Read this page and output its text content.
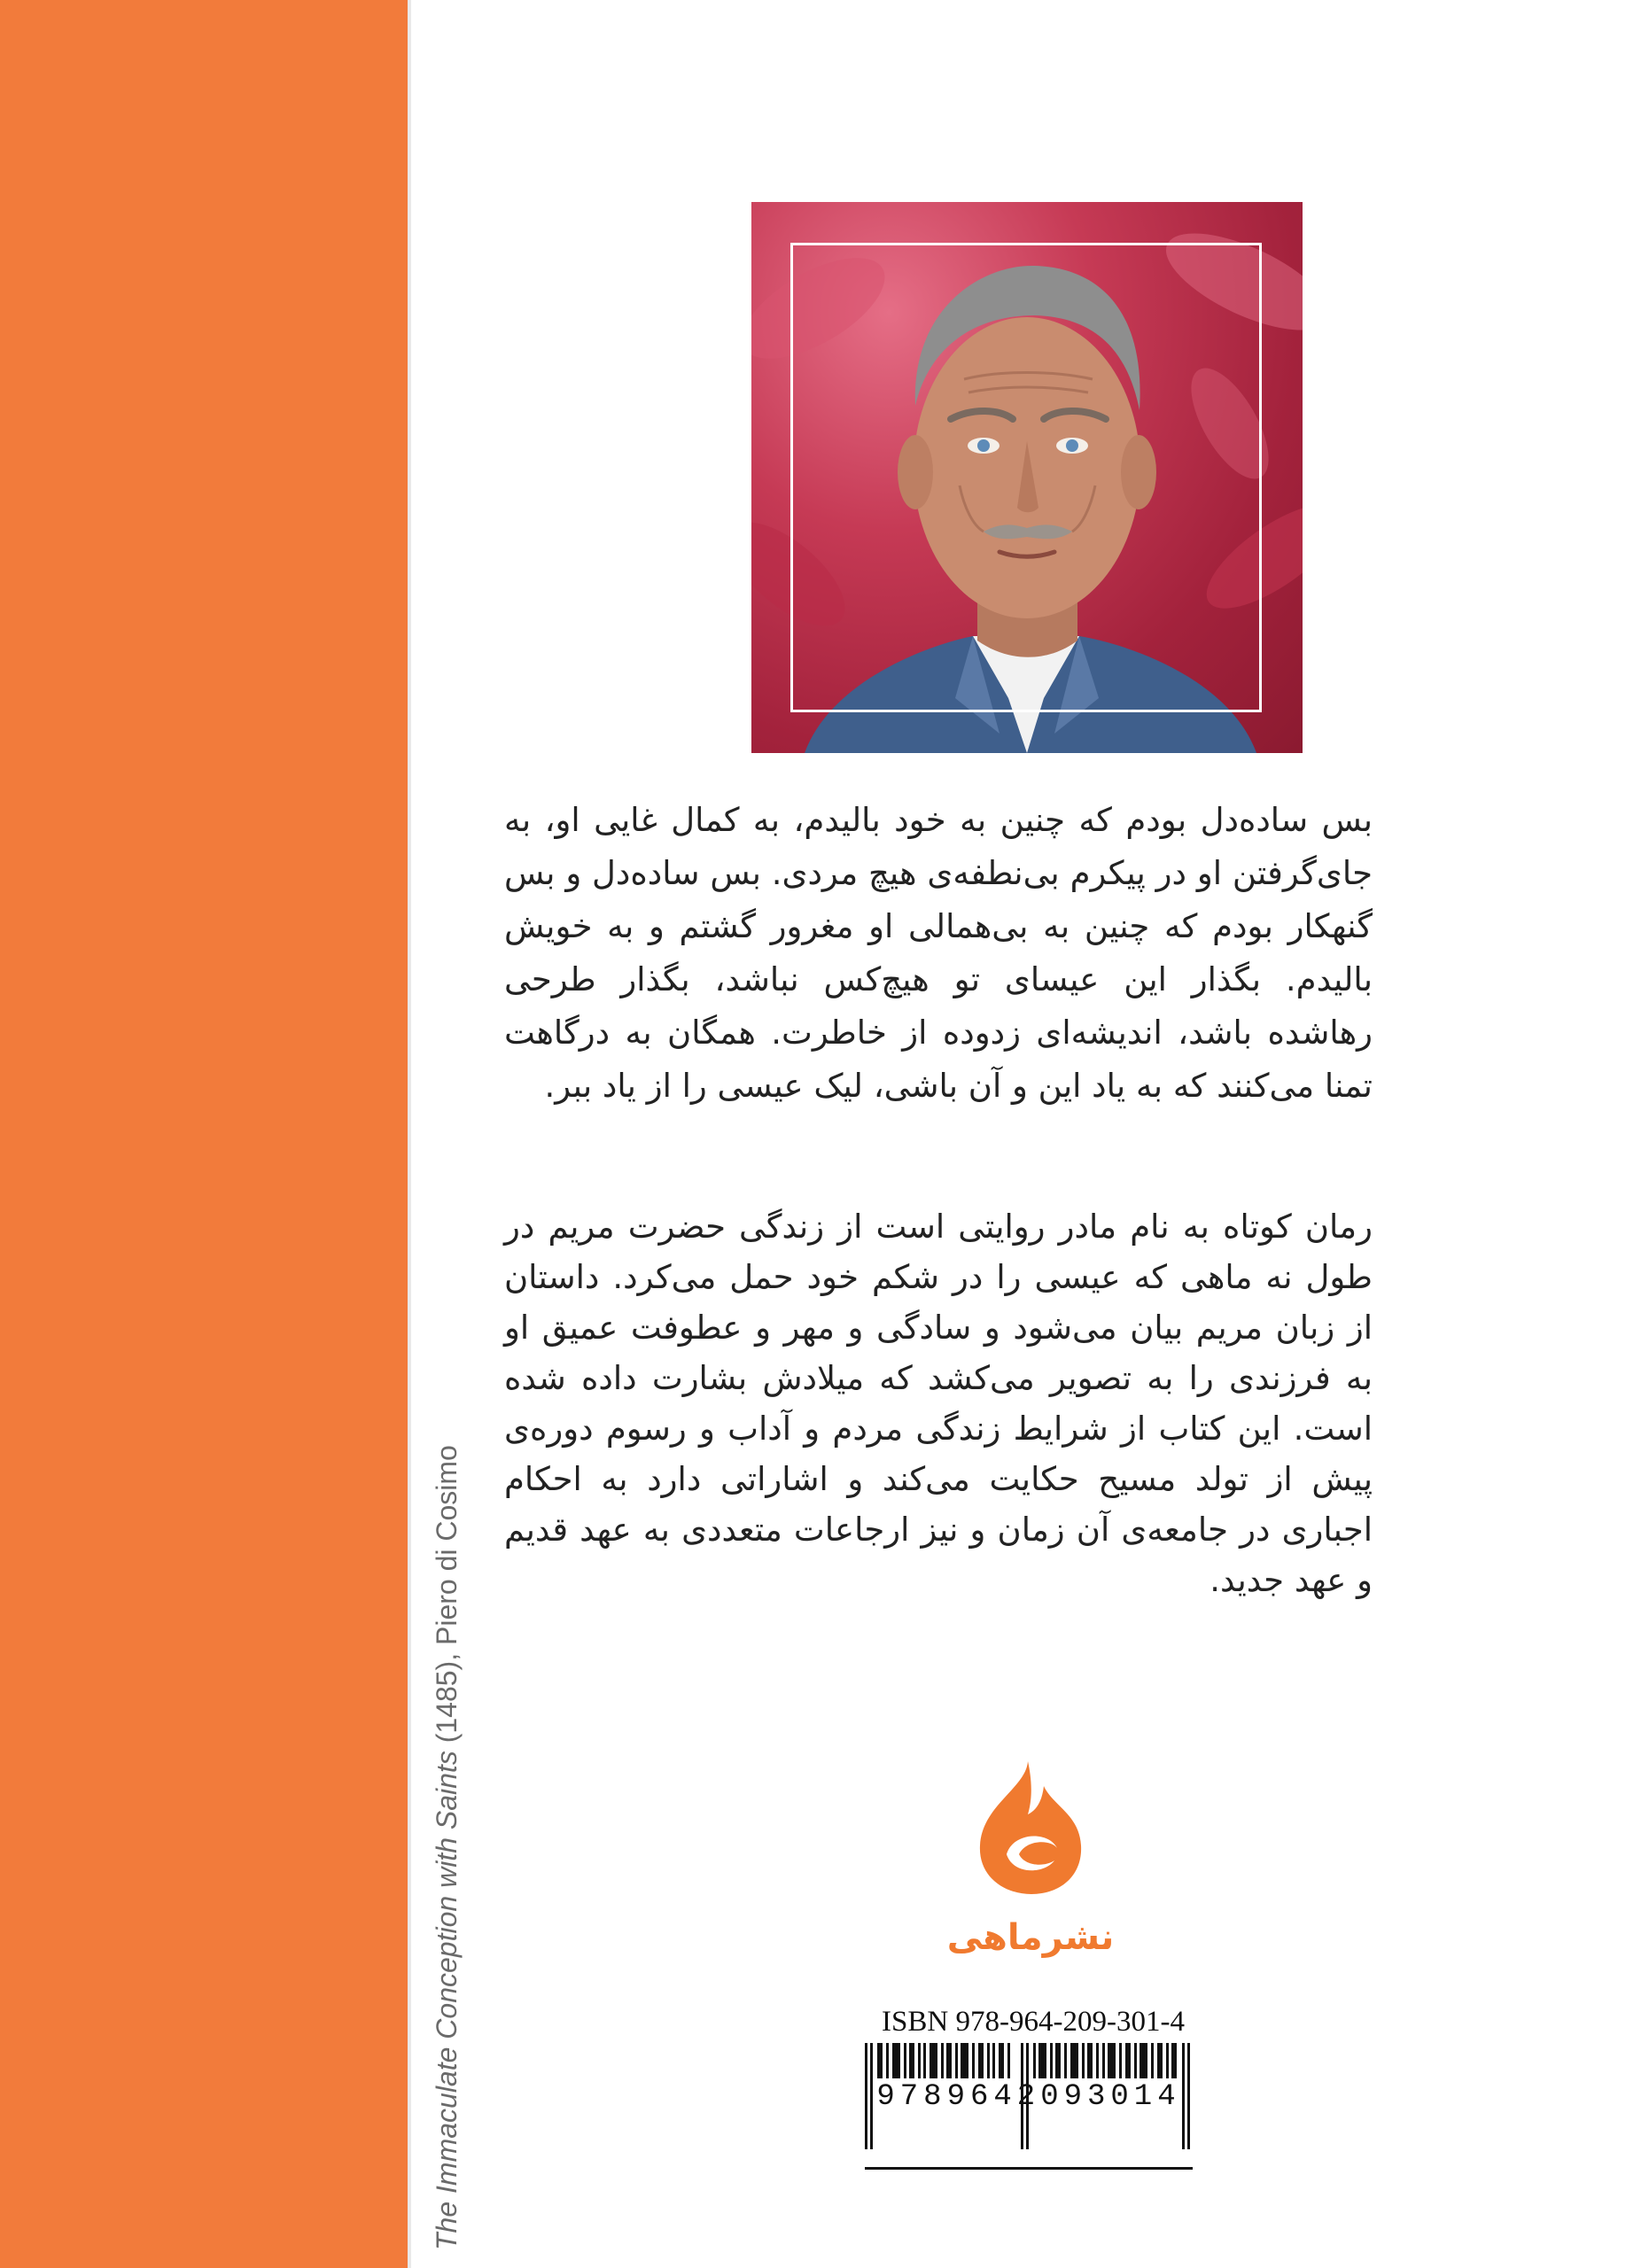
The Immaculate Conception with Saints (1485), Piero di Cosimo
بس ساده‌دل بودم که چنین به خود بالیدم، به کمال غایی او، به جای‌گرفتن او در پیکرم بی‌نطفه‌ی هیچ مردی. بس ساده‌دل و بس گنهکار بودم که چنین به بی‌همالی او مغرور گشتم و به خویش بالیدم. بگذار این عیسای تو هیچ‌کس نباشد، بگذار طرحی رهاشده باشد، اندیشه‌ای زدوده از خاطرت. همگان به درگاهت تمنا می‌کنند که به یاد این و آن باشی، لیک عیسی را از یاد ببر.
رمان کوتاه به نام مادر روایتی است از زندگی حضرت مریم در طول نه ماهی که عیسی را در شکم خود حمل می‌کرد. داستان از زبان مریم بیان می‌شود و سادگی و مهر و عطوفت عمیق او به فرزندی را به تصویر می‌کشد که میلادش بشارت داده شده است. این کتاب از شرایط زندگی مردم و آداب و رسوم دوره‌ی پیش از تولد مسیح حکایت می‌کند و اشاراتی دارد به احکام اجباری در جامعه‌ی آن زمان و نیز ارجاعات متعددی به عهد قدیم و عهد جدید.
نشرماهی
ISBN 978-964-209-301-4
9789642093014
